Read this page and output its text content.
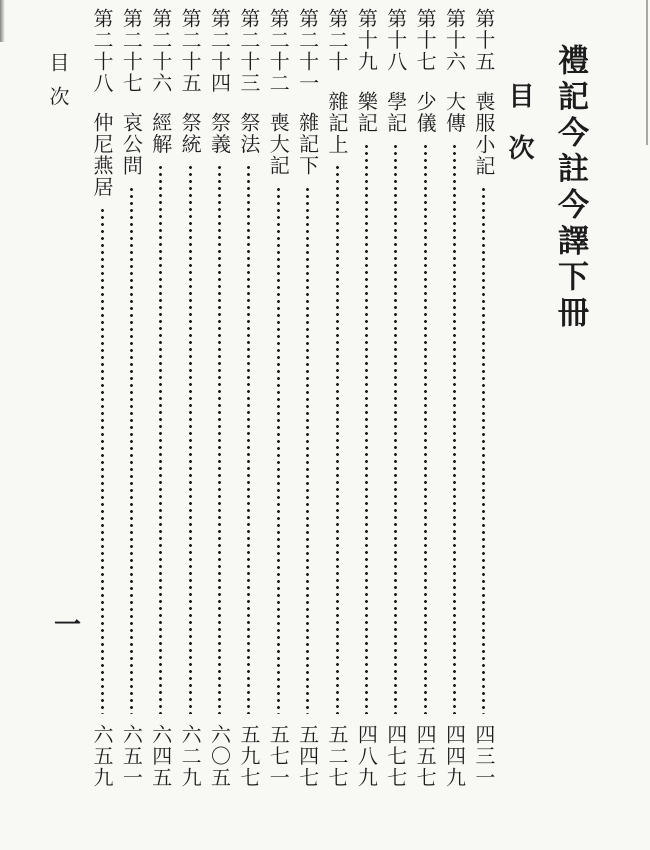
禮記今註今譯下冊
目次
第十五
喪服小記
四三一
第十六
大傳
四四九
第十七
少儀
四五七
第十八
學記
四七七
第十九
樂記
四八九
第二十
雜記上
五二七
第二十一
雜記下
五四七
第二十二
喪大記
五七一
第二十三
祭法
五九七
第二十四
祭義
六〇五
第二十五
祭統
六二九
第二十六
經解
六四五
第二十七
哀公問
六五一
第二十八
仲尼燕居
六五九
目次
一
